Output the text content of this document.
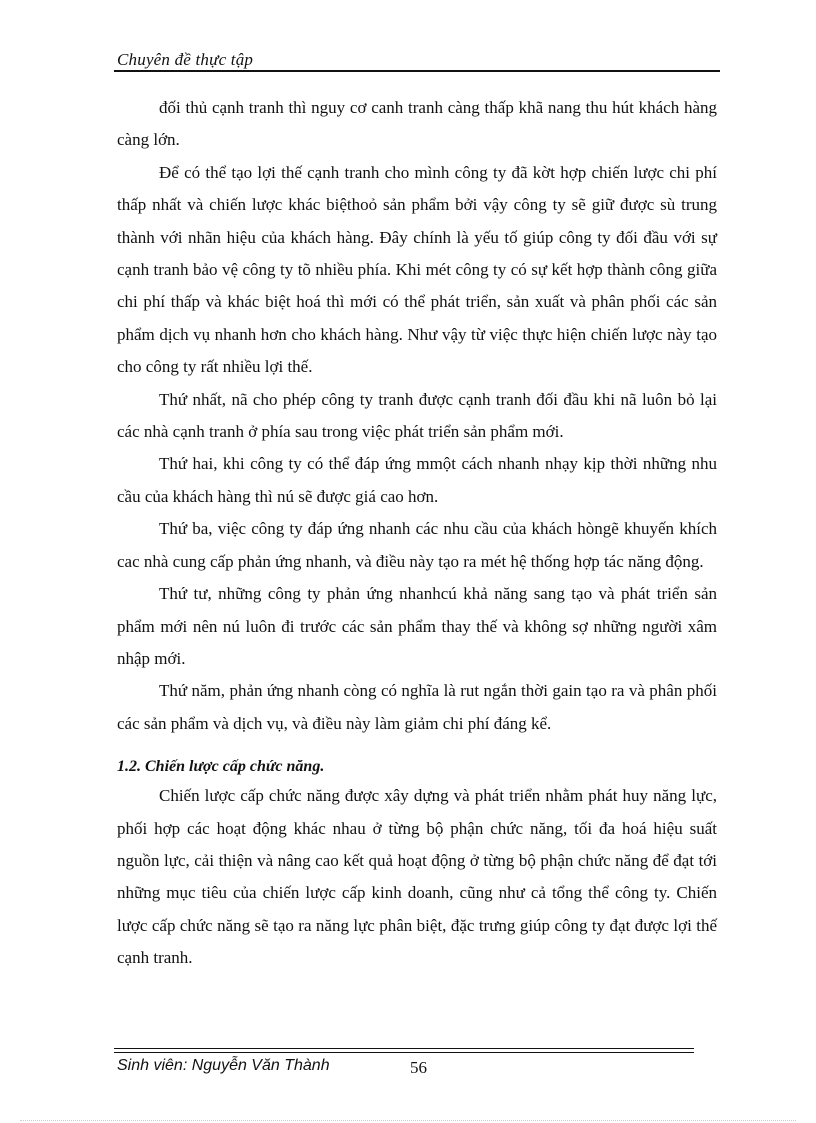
Chuyên đề thực tập

đối thủ cạnh tranh thì nguy cơ canh tranh càng thấp khã nang thu hút khách hàng càng lớn.

Để có thể tạo lợi thế cạnh tranh cho mình công ty đã kờt hợp chiến lược chi phí thấp nhất và chiến lược khác biệthoỏ sản phẩm bởi vậy công ty sẽ giữ được sù trung thành với nhãn hiệu của khách hàng. Đây chính là yếu tố giúp công ty đối đầu với sự cạnh tranh bảo vệ công ty tõ nhiều phía. Khi mét công ty có sự kết hợp thành công giữa chi phí thấp và khác biệt hoá thì mới có thể phát triển, sản xuất và phân phối các sản phẩm dịch vụ nhanh hơn cho khách hàng. Như vậy từ việc thực hiện chiến lược này tạo cho công ty rất nhiều lợi thế.

Thứ nhất, nã cho phép công ty tranh được cạnh tranh đối đầu khi nã luôn bỏ lại các nhà cạnh tranh ở phía sau trong việc phát triển sản phẩm mới.

Thứ hai, khi công ty có thể đáp ứng mmột cách nhanh nhạy kịp thời những nhu cầu của khách hàng thì nú sẽ được giá cao hơn.

Thứ ba, việc công ty đáp ứng nhanh các nhu cầu của khách hòngẽ khuyến khích cac nhà cung cấp phản ứng nhanh, và điều này tạo ra mét hệ thống hợp tác năng động.

Thứ tư, những công ty phản ứng nhanhcú khả năng sang tạo và phát triển sản phẩm mới nên nú luôn đi trước các sản phẩm thay thế và không sợ những người xâm nhập mới.

Thứ năm, phản ứng nhanh còng có nghĩa là rut ngắn thời gain tạo ra và phân phối các sản phẩm và dịch vụ, và điều này làm giảm chi phí đáng kể.

1.2. Chiến lược cấp chức năng.

Chiến lược cấp chức năng được xây dựng và phát triển nhằm phát huy năng lực, phối hợp các hoạt động khác nhau ở từng bộ phận chức năng, tối đa hoá hiệu suất nguồn lực, cải thiện và nâng cao kết quả hoạt động ở từng bộ phận chức năng để đạt tới những mục tiêu của chiến lược cấp kinh doanh, cũng như cả tổng thể công ty. Chiến lược cấp chức năng sẽ tạo ra năng lực phân biệt, đặc trưng giúp công ty đạt được lợi thế cạnh tranh.

Sinh viên: Nguyễn Văn Thành	56
